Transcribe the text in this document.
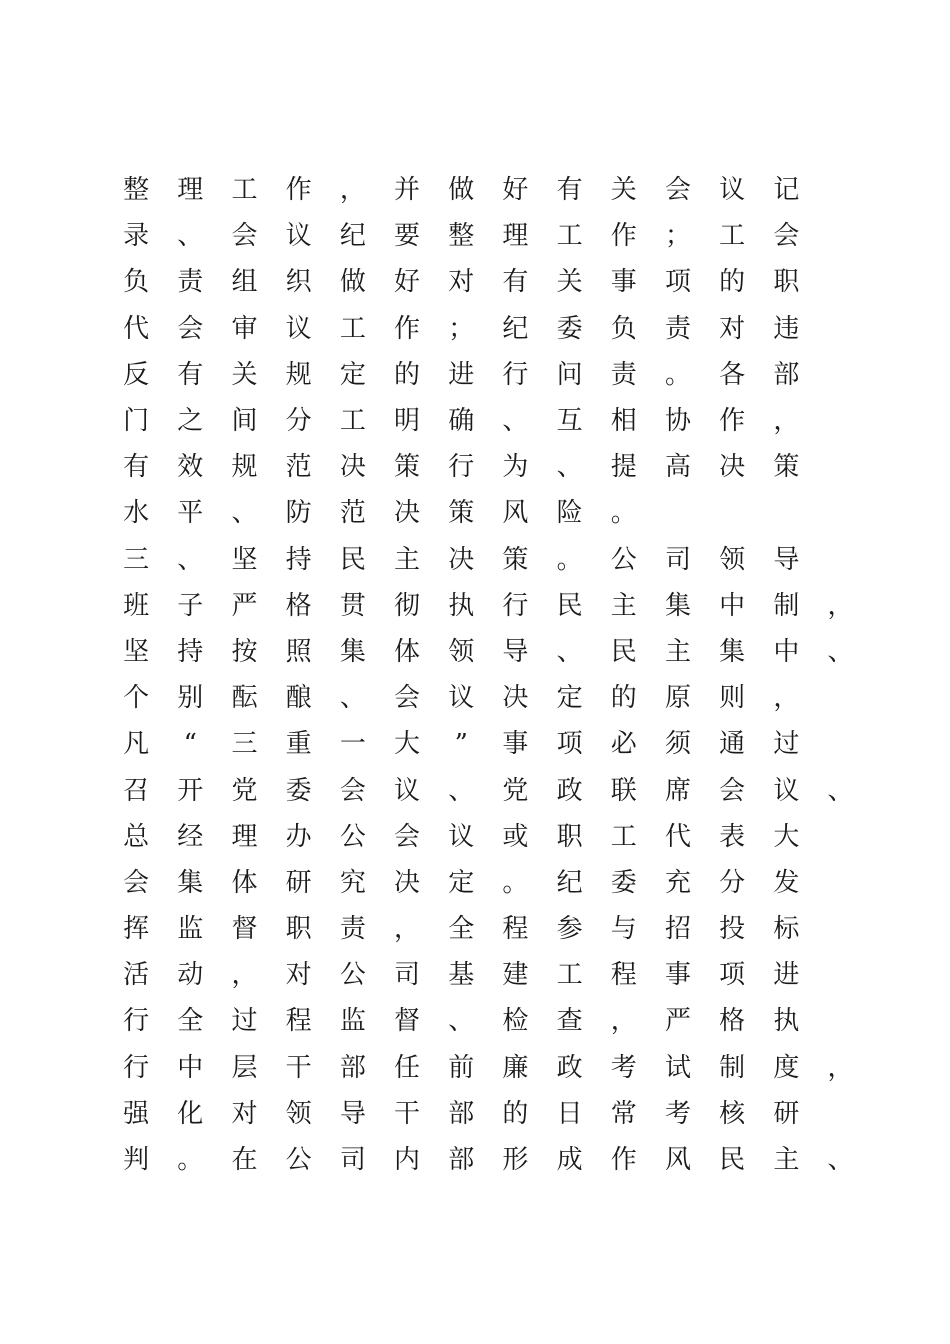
整	理	工	作	，	并	做	好	有	关	会	议	记
录	、	会	议	纪	要	整	理	工	作	；	工	会
负	责	组	织	做	好	对	有	关	事	项	的	职
代	会	审	议	工	作	；	纪	委	负	责	对	违
反	有	关	规	定	的	进	行	问	责	。	各	部
门	之	间	分	工	明	确	、	互	相	协	作	，
有	效	规	范	决	策	行	为	、	提	高	决	策
水	平	、	防	范	决	策	风	险	。
三	、	坚	持	民	主	决	策	。	公	司	领	导
班	子	严	格	贯	彻	执	行	民	主	集	中	制	，
坚	持	按	照	集	体	领	导	、	民	主	集	中	、
个	别	酝	酿	、	会	议	决	定	的	原	则	，
凡	“	三	重	一	大	”	事	项	必	须	通	过
召	开	党	委	会	议	、	党	政	联	席	会	议	、
总	经	理	办	公	会	议	或	职	工	代	表	大
会	集	体	研	究	决	定	。	纪	委	充	分	发
挥	监	督	职	责	，	全	程	参	与	招	投	标
活	动	，	对	公	司	基	建	工	程	事	项	进
行	全	过	程	监	督	、	检	查	，	严	格	执
行	中	层	干	部	任	前	廉	政	考	试	制	度	，
强	化	对	领	导	干	部	的	日	常	考	核	研
判	。	在	公	司	内	部	形	成	作	风	民	主	、
